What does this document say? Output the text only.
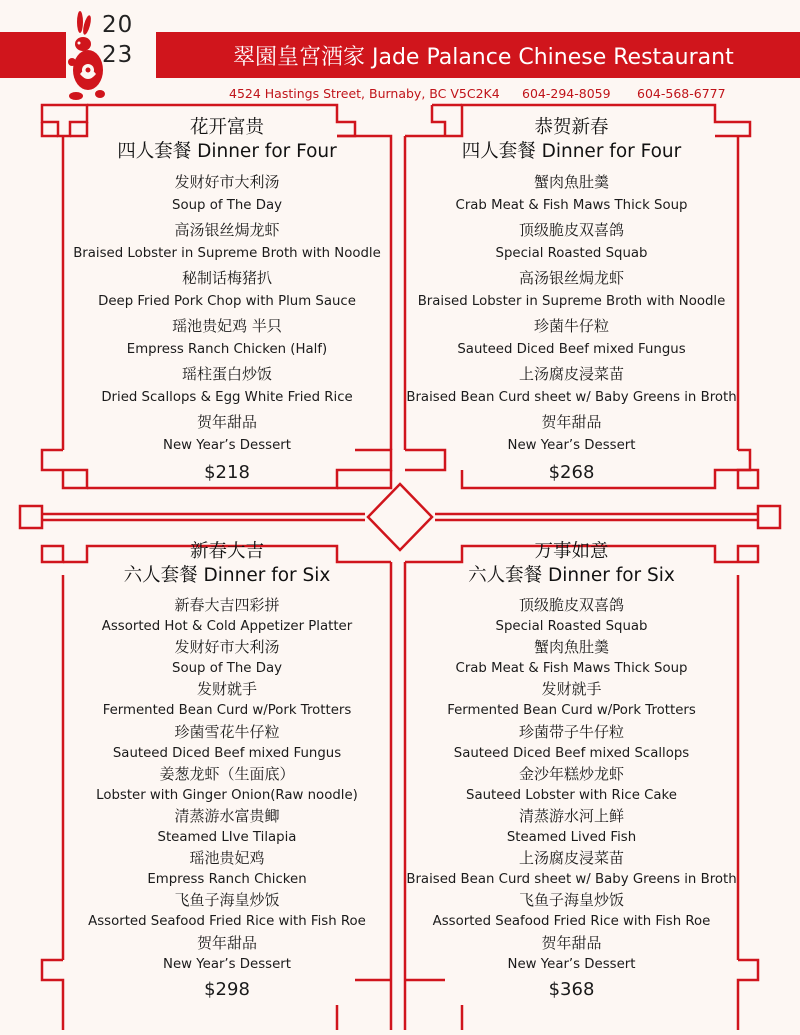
翠園皇宮酒家 Jade Palance Chinese Restaurant
20
23
4524 Hastings Street, Burnaby, BC V5C2K4 604-294-8059 604-568-6777
花开富贵
四人套餐 Dinner for Four
发财好市大利汤
Soup of The Day
高汤银丝焗龙虾
Braised Lobster in Supreme Broth with Noodle
秘制话梅猪扒
Deep Fried Pork Chop with Plum Sauce
瑶池贵妃鸡 半只
Empress Ranch Chicken (Half)
瑶柱蛋白炒饭
Dried Scallops & Egg White Fried Rice
贺年甜品
New Year’s Dessert
$218
恭贺新春
四人套餐 Dinner for Four
蟹肉魚肚羹
Crab Meat & Fish Maws Thick Soup
顶级脆皮双喜鸽
Special Roasted Squab
高汤银丝焗龙虾
Braised Lobster in Supreme Broth with Noodle
珍菌牛仔粒
Sauteed Diced Beef mixed Fungus
上汤腐皮浸菜苗
Braised Bean Curd sheet w/ Baby Greens in Broth
贺年甜品
New Year’s Dessert
$268
新春大吉
六人套餐 Dinner for Six
新春大吉四彩拼
Assorted Hot & Cold Appetizer Platter
发财好市大利汤
Soup of The Day
发财就手
Fermented Bean Curd w/Pork Trotters
珍菌雪花牛仔粒
Sauteed Diced Beef mixed Fungus
姜葱龙虾（生面底）
Lobster with Ginger Onion(Raw noodle)
清蒸游水富贵鲫
Steamed LIve Tilapia
瑶池贵妃鸡
Empress Ranch Chicken
飞鱼子海皇炒饭
Assorted Seafood Fried Rice with Fish Roe
贺年甜品
New Year’s Dessert
$298
万事如意
六人套餐 Dinner for Six
顶级脆皮双喜鸽
Special Roasted Squab
蟹肉魚肚羹
Crab Meat & Fish Maws Thick Soup
发财就手
Fermented Bean Curd w/Pork Trotters
珍菌带子牛仔粒
Sauteed Diced Beef mixed Scallops
金沙年糕炒龙虾
Sauteed Lobster with Rice Cake
清蒸游水河上鲜
Steamed Lived Fish
上汤腐皮浸菜苗
Braised Bean Curd sheet w/ Baby Greens in Broth
飞鱼子海皇炒饭
Assorted Seafood Fried Rice with Fish Roe
贺年甜品
New Year’s Dessert
$368
